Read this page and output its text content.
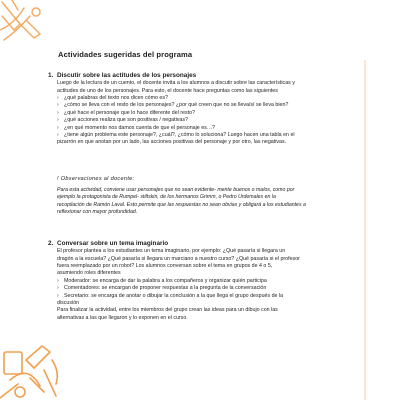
Actividades sugeridas del programa
1. Discutir sobre las actitudes de los personajes

Luego de la lectura de un cuento, el docente invita a los alumnos a discutir sobre las características y

actitudes de uno de los personajes. Para esto, el docente hace preguntas como las siguientes

› ¿qué palabras del texto nos dicen cómo es?

› ¿cómo se lleva con el resto de los personajes? ¿por qué creen que no se lleva/sí se lleva bien?

› ¿qué hace el personaje que lo hace diferente del resto?

› ¿qué acciones realiza que son positivas / negativas?

› ¿en qué momento nos damos cuenta de que el personaje es…?

› ¿tiene algún problema este personaje?, ¿cuál?, ¿cómo lo soluciona? Luego hacen una tabla en el

pizarrón en que anotan por un lado, las acciones positivas del personaje y por otro, las negativas.

! Observaciones al docente:

Para esta actividad, conviene usar personajes que no sean evidente- mente buenos o malos, como por

ejemplo la protagonista de Rumpel- stiltskin, de los hermanos Grimm, o Pedro Urdemales en la

recopilación de Ramón Laval. Esto permite que las respuestas no sean obvias y obligará a los estudiantes a

reflexionar con mayor profundidad.

2. Conversar sobre un tema imaginario

El profesor plantea a los estudiantes un tema imaginario, por ejemplo: ¿Qué pasaría si llegara un

dragón a la escuela? ¿Qué pasaría si llegara un marciano a nuestro curso? ¿Qué pasaría si el profesor

fuera reemplazado por un robot? Los alumnos conversan sobre el tema en grupos de 4 o 5,

asumiendo roles diferentes

› Moderador: se encarga de dar la palabra a los compañeros y organizar quién participa

› Comentadores: se encargan de proponer respuestas a la pregunta de la conversación

› Secretario: se encarga de anotar o dibujar la conclusión a la que llega el grupo después de la

discusión

Para finalizar la actividad, entre los miembros del grupo crean las ideas para un dibujo con las

alternativas a las que llegaron y lo exponen en el curso.
